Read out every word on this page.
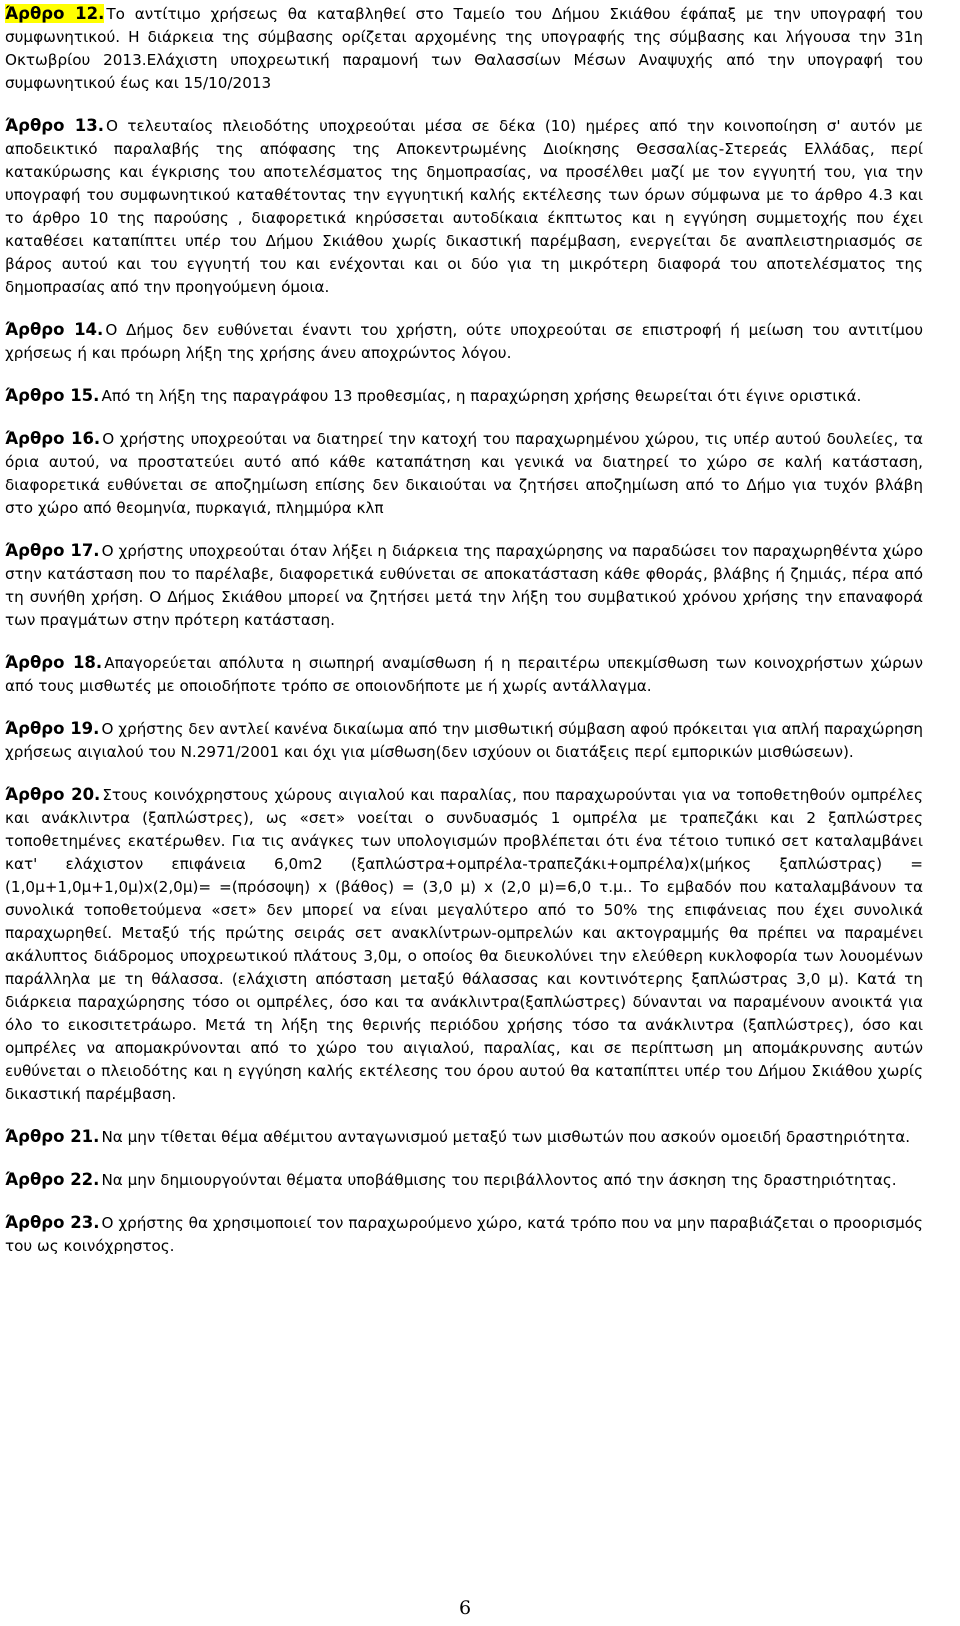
Άρθρο 12. Το αντίτιμο χρήσεως θα καταβληθεί στο Ταμείο του Δήμου Σκιάθου έφάπαξ με την υπογραφή του συμφωνητικού. Η διάρκεια της σύμβασης ορίζεται αρχομένης της υπογραφής της σύμβασης και λήγουσα την 31η Οκτωβρίου 2013.Ελάχιστη υποχρεωτική παραμονή των Θαλασσίων Μέσων Αναψυχής από την υπογραφή του συμφωνητικού έως και 15/10/2013

Άρθρο 13. Ο τελευταίος πλειοδότης υποχρεούται μέσα σε δέκα (10) ημέρες από την κοινοποίηση σ' αυτόν με αποδεικτικό παραλαβής της απόφασης της Αποκεντρωμένης Διοίκησης Θεσσαλίας-Στερεάς Ελλάδας, περί κατακύρωσης και έγκρισης του αποτελέσματος της δημοπρασίας, να προσέλθει μαζί με τον εγγυητή του, για την υπογραφή του συμφωνητικού καταθέτοντας την εγγυητική καλής εκτέλεσης των όρων σύμφωνα με το άρθρο 4.3 και το άρθρο 10 της παρούσης , διαφορετικά κηρύσσεται αυτοδίκαια έκπτωτος και η εγγύηση συμμετοχής που έχει καταθέσει καταπίπτει υπέρ του Δήμου Σκιάθου χωρίς δικαστική παρέμβαση, ενεργείται δε αναπλειστηριασμός σε βάρος αυτού και του εγγυητή του και ενέχονται και οι δύο για τη μικρότερη διαφορά του αποτελέσματος της δημοπρασίας από την προηγούμενη όμοια.

Άρθρο 14. Ο Δήμος δεν ευθύνεται έναντι του χρήστη, ούτε υποχρεούται σε επιστροφή ή μείωση του αντιτίμου χρήσεως ή και πρόωρη λήξη της χρήσης άνευ αποχρώντος λόγου.

Άρθρο 15. Από τη λήξη της παραγράφου 13 προθεσμίας, η παραχώρηση χρήσης θεωρείται ότι έγινε οριστικά.

Άρθρο 16. Ο χρήστης υποχρεούται να διατηρεί την κατοχή του παραχωρημένου χώρου, τις υπέρ αυτού δουλείες, τα όρια αυτού, να προστατεύει αυτό από κάθε καταπάτηση και γενικά να διατηρεί το χώρο σε καλή κατάσταση, διαφορετικά ευθύνεται σε αποζημίωση επίσης δεν δικαιούται να ζητήσει αποζημίωση από το Δήμο για τυχόν βλάβη στο χώρο από θεομηνία, πυρκαγιά, πλημμύρα κλπ

Άρθρο 17. Ο χρήστης υποχρεούται όταν λήξει η διάρκεια της παραχώρησης να παραδώσει τον παραχωρηθέντα χώρο στην κατάσταση που το παρέλαβε, διαφορετικά ευθύνεται σε αποκατάσταση κάθε φθοράς, βλάβης ή ζημιάς, πέρα από τη συνήθη χρήση. Ο Δήμος Σκιάθου μπορεί να ζητήσει μετά την λήξη του συμβατικού χρόνου χρήσης την επαναφορά των πραγμάτων στην πρότερη κατάσταση.

Άρθρο 18. Απαγορεύεται απόλυτα η σιωπηρή αναμίσθωση ή η περαιτέρω υπεκμίσθωση των κοινοχρήστων χώρων από τους μισθωτές με οποιοδήποτε τρόπο σε οποιονδήποτε με ή χωρίς αντάλλαγμα.

Άρθρο 19. Ο χρήστης δεν αντλεί κανένα δικαίωμα από την μισθωτική σύμβαση αφού πρόκειται για απλή παραχώρηση χρήσεως αιγιαλού του Ν.2971/2001 και όχι για μίσθωση(δεν ισχύουν οι διατάξεις περί εμπορικών μισθώσεων).

Άρθρο 20. Στους κοινόχρηστους χώρους αιγιαλού και παραλίας, που παραχωρούνται για να τοποθετηθούν ομπρέλες και ανάκλιντρα (ξαπλώστρες), ως «σετ» νοείται ο συνδυασμός 1 ομπρέλα με τραπεζάκι και 2 ξαπλώστρες τοποθετημένες εκατέρωθεν. Για τις ανάγκες των υπολογισμών προβλέπεται ότι ένα τέτοιο τυπικό σετ καταλαμβάνει κατ' ελάχιστον επιφάνεια 6,0m2 (ξαπλώστρα+ομπρέλα-τραπεζάκι+ομπρέλα)x(μήκος ξαπλώστρας) =(1,0μ+1,0μ+1,0μ)x(2,0μ)= =(πρόσοψη) x (βάθος) = (3,0 μ) x (2,0 μ)=6,0 τ.μ.. Το εμβαδόν που καταλαμβάνουν τα συνολικά τοποθετούμενα «σετ» δεν μπορεί να είναι μεγαλύτερο από το 50% της επιφάνειας που έχει συνολικά παραχωρηθεί. Μεταξύ τής πρώτης σειράς σετ ανακλίντρων-ομπρελών και ακτογραμμής θα πρέπει να παραμένει ακάλυπτος διάδρομος υποχρεωτικού πλάτους 3,0μ, ο οποίος θα διευκολύνει την ελεύθερη κυκλοφορία των λουομένων παράλληλα με τη θάλασσα. (ελάχιστη απόσταση μεταξύ θάλασσας και κοντινότερης ξαπλώστρας 3,0 μ). Κατά τη διάρκεια παραχώρησης τόσο οι ομπρέλες, όσο και τα ανάκλιντρα(ξαπλώστρες) δύνανται να παραμένουν ανοικτά για όλο το εικοσιτετράωρο. Μετά τη λήξη της θερινής περιόδου χρήσης τόσο τα ανάκλιντρα (ξαπλώστρες), όσο και ομπρέλες να απομακρύνονται από το χώρο του αιγιαλού, παραλίας, και σε περίπτωση μη απομάκρυνσης αυτών ευθύνεται ο πλειοδότης και η εγγύηση καλής εκτέλεσης του όρου αυτού θα καταπίπτει υπέρ του Δήμου Σκιάθου χωρίς δικαστική παρέμβαση.

Άρθρο 21. Να μην τίθεται θέμα αθέμιτου ανταγωνισμού μεταξύ των μισθωτών που ασκούν ομοειδή δραστηριότητα.

Άρθρο 22. Να μην δημιουργούνται θέματα υποβάθμισης του περιβάλλοντος από την άσκηση της δραστηριότητας.

Άρθρο 23. Ο χρήστης θα χρησιμοποιεί τον παραχωρούμενο χώρο, κατά τρόπο που να μην παραβιάζεται ο προορισμός του ως κοινόχρηστος.

6
